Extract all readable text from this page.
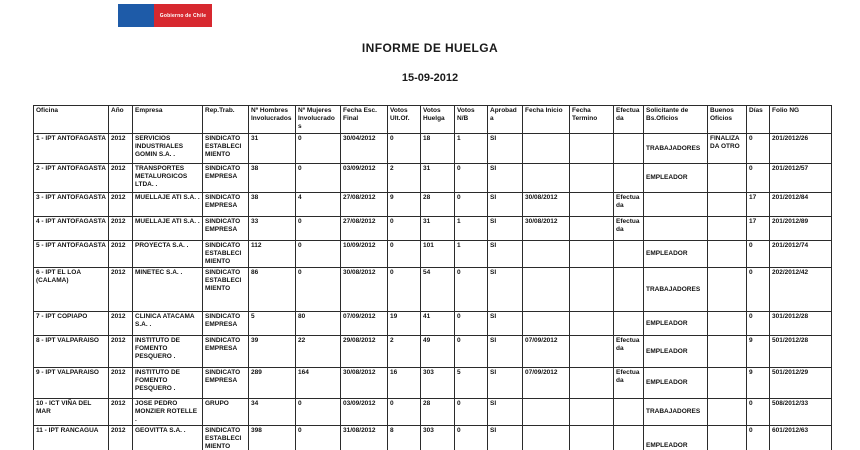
Gobierno de Chile
INFORME DE HUELGA
15-09-2012
Oficina	Año	Empresa	Rep.Trab.	Nº Hombres Involucrados	Nº Mujeres Involucrados	Fecha Esc. Final	Votos Ult.Of.	Votos Huelga	Votos N/B	Aprobada	Fecha Inicio	Fecha Termino	Efectuada	Solicitante de Bs.Oficios	Buenos Oficios	Días	Folio NG
1 - IPT ANTOFAGASTA	2012	SERVICIOS INDUSTRIALES GOMIN S.A. .	SINDICATO ESTABLECIMIENTO	31	0	30/04/2012	0	18	1	SI				TRABAJADORES	FINALIZADA OTRO	0	201/2012/26
2 - IPT ANTOFAGASTA	2012	TRANSPORTES METALURGICOS LTDA. .	SINDICATO EMPRESA	38	0	03/09/2012	2	31	0	SI				EMPLEADOR		0	201/2012/57
3 - IPT ANTOFAGASTA	2012	MUELLAJE ATI S.A. .	SINDICATO EMPRESA	38	4	27/08/2012	9	28	0	SI	30/08/2012		Efectuada			17	201/2012/84
4 - IPT ANTOFAGASTA	2012	MUELLAJE ATI S.A. .	SINDICATO EMPRESA	33	0	27/08/2012	0	31	1	SI	30/08/2012		Efectuada			17	201/2012/89
5 - IPT ANTOFAGASTA	2012	PROYECTA S.A. .	SINDICATO ESTABLECIMIENTO	112	0	10/09/2012	0	101	1	SI				EMPLEADOR		0	201/2012/74
6 - IPT EL LOA (CALAMA)	2012	MINETEC S.A. .	SINDICATO ESTABLECIMIENTO	86	0	30/08/2012	0	54	0	SI				TRABAJADORES		0	202/2012/42
7 - IPT COPIAPO	2012	CLINICA ATACAMA S.A. .	SINDICATO EMPRESA	5	80	07/09/2012	19	41	0	SI				EMPLEADOR		0	301/2012/28
8 - IPT VALPARAISO	2012	INSTITUTO DE FOMENTO PESQUERO .	SINDICATO EMPRESA	39	22	29/08/2012	2	49	0	SI	07/09/2012		Efectuada	EMPLEADOR		9	501/2012/28
9 - IPT VALPARAISO	2012	INSTITUTO DE FOMENTO PESQUERO .	SINDICATO EMPRESA	289	164	30/08/2012	16	303	5	SI	07/09/2012		Efectuada	EMPLEADOR		9	501/2012/29
10 - ICT VIÑA DEL MAR	2012	JOSE PEDRO MONZIER ROTELLE .	GRUPO	34	0	03/09/2012	0	28	0	SI				TRABAJADORES		0	508/2012/33
11 - IPT RANCAGUA	2012	GEOVITTA S.A. .	SINDICATO ESTABLECIMIENTO	398	0	31/08/2012	8	303	0	SI				EMPLEADOR		0	601/2012/63
